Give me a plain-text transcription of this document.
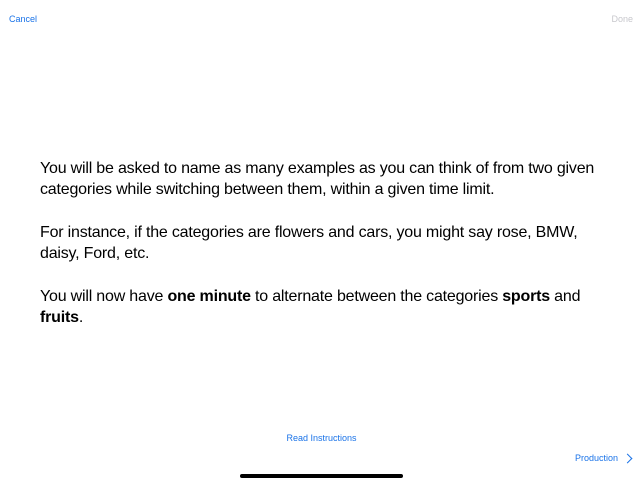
Cancel	Done

You will be asked to name as many examples as you can think of from two given categories while switching between them, within a given time limit.

For instance, if the categories are flowers and cars, you might say rose, BMW, daisy, Ford, etc.

You will now have one minute to alternate between the categories sports and fruits.

Read Instructions
Production
